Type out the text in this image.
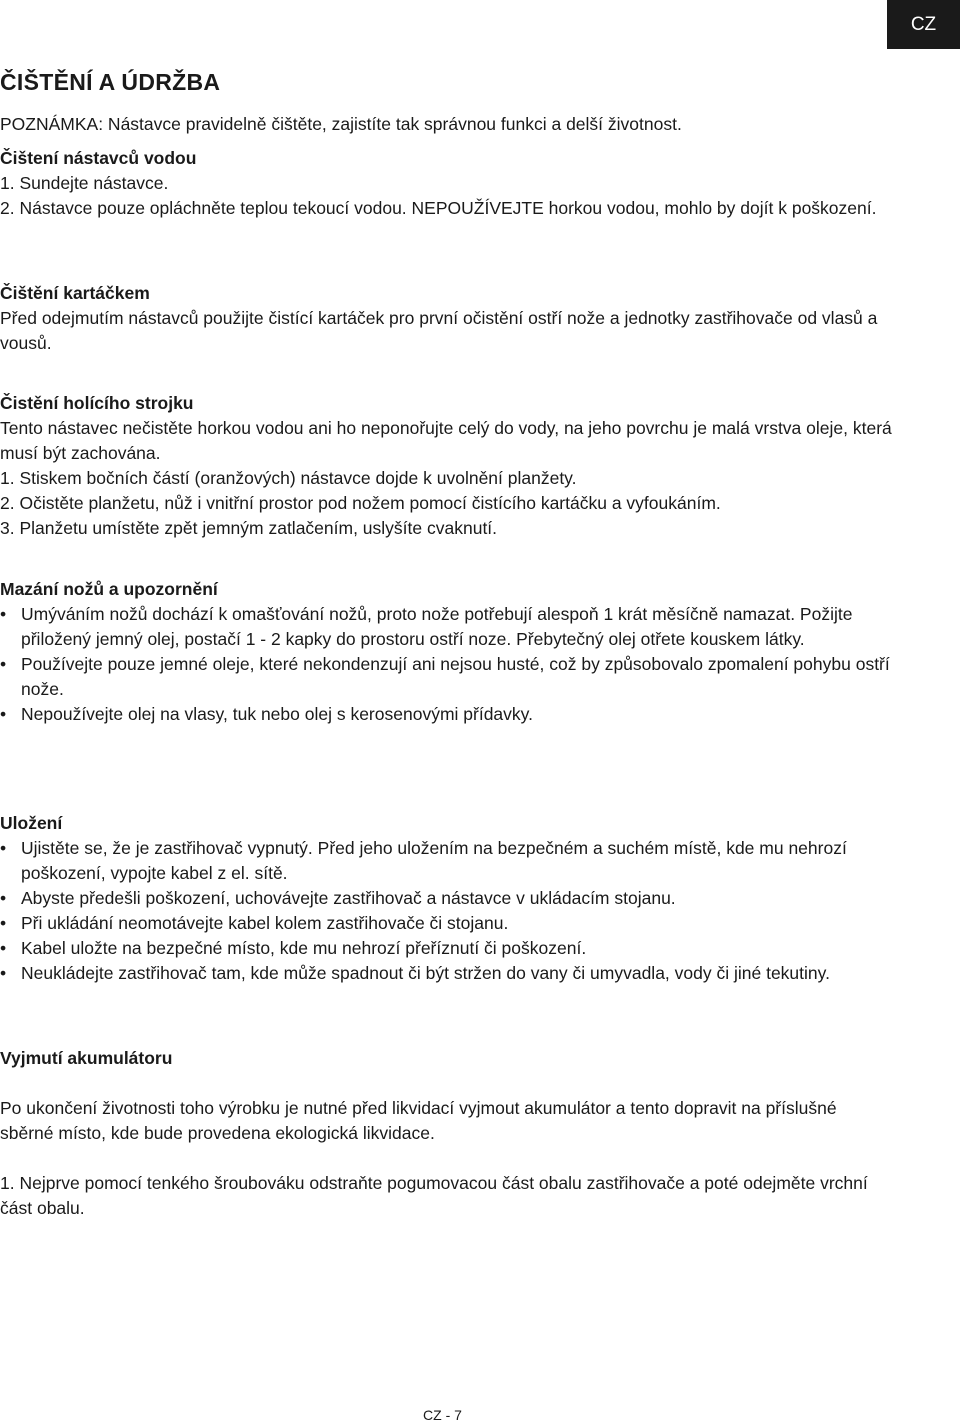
CZ
ČIŠTĚNÍ A ÚDRŽBA

POZNÁMKA: Nástavce pravidelně čištěte, zajistíte tak správnou funkci a delší životnost.

Čištení nástavců vodou

1. Sundejte nástavce.

2. Nástavce pouze opláchněte teplou tekoucí vodou. NEPOUŽÍVEJTE horkou vodou, mohlo by dojít k poškození.

Čištění kartáčkem

Před odejmutím nástavců použijte čistící kartáček pro první očistění ostří nože a jednotky zastřihovače od vlasů a vousů.

Čistění holícího strojku

Tento nástavec nečistěte horkou vodou ani ho neponořujte celý do vody, na jeho povrchu je malá vrstva oleje, která musí být zachována.

1. Stiskem bočních částí (oranžových) nástavce dojde k uvolnění planžety.

2. Očistěte planžetu, nůž i vnitřní prostor pod nožem pomocí čistícího kartáčku a vyfoukáním.

3. Planžetu umístěte zpět jemným zatlačením, uslyšíte cvaknutí.

Mazání nožů a upozornění

• Umýváním nožů dochází k omašťování nožů, proto nože potřebují alespoň 1 krát měsíčně namazat. Požijte přiložený jemný olej, postačí 1 - 2 kapky do prostoru ostří noze. Přebytečný olej otřete kouskem látky.
• Používejte pouze jemné oleje, které nekondenzují ani nejsou husté, což by způsobovalo zpomalení pohybu ostří nože.
• Nepoužívejte olej na vlasy, tuk nebo olej s kerosenovými přídavky.

Uložení

• Ujistěte se, že je zastřihovač vypnutý. Před jeho uložením na bezpečném a suchém místě, kde mu nehrozí poškození, vypojte kabel z el. sítě.
• Abyste předešli poškození, uchovávejte zastřihovač a nástavce v ukládacím stojanu.
• Při ukládání neomotávejte kabel kolem zastřihovače či stojanu.
• Kabel uložte na bezpečné místo, kde mu nehrozí přeříznutí či poškození.
• Neukládejte zastřihovač tam, kde může spadnout či být stržen do vany či umyvadla, vody či jiné tekutiny.

Vyjmutí akumulátoru

Po ukončení životnosti toho výrobku je nutné před likvidací vyjmout akumulátor a tento dopravit na příslušné sběrné místo, kde bude provedena ekologická likvidace.

1. Nejprve pomocí tenkého šroubováku odstraňte pogumovacou část obalu zastřihovače a poté odejměte vrchní část obalu.

CZ - 7
